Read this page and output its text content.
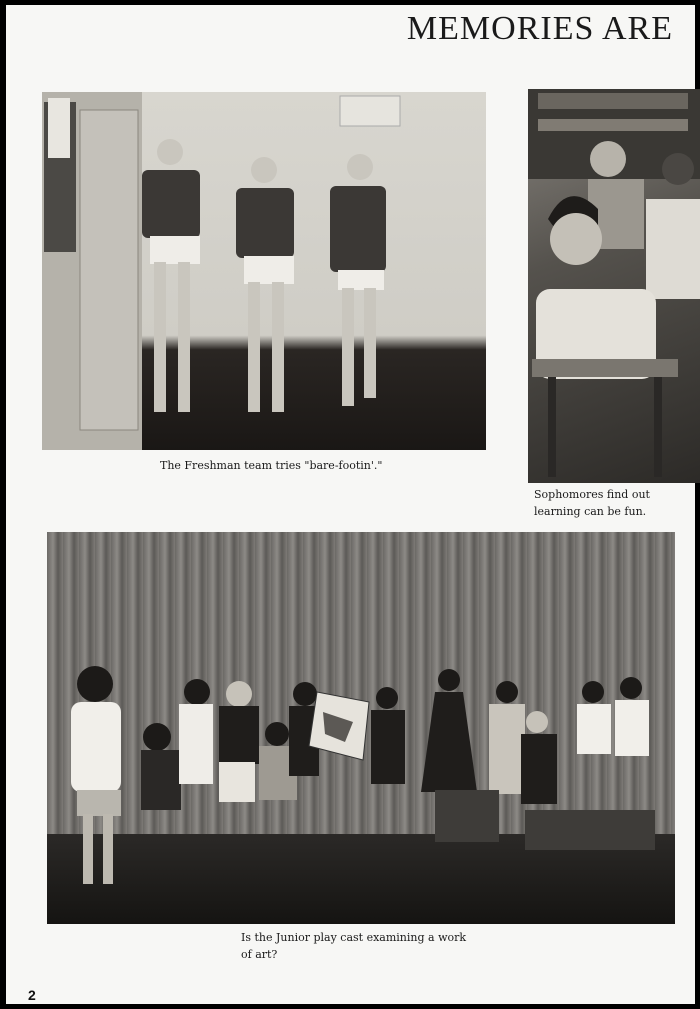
MEMORIES ARE
The Freshman team tries "bare-footin'."
Sophomores find out
learning can be fun.
Is the Junior play cast examining a work
of art?
2
